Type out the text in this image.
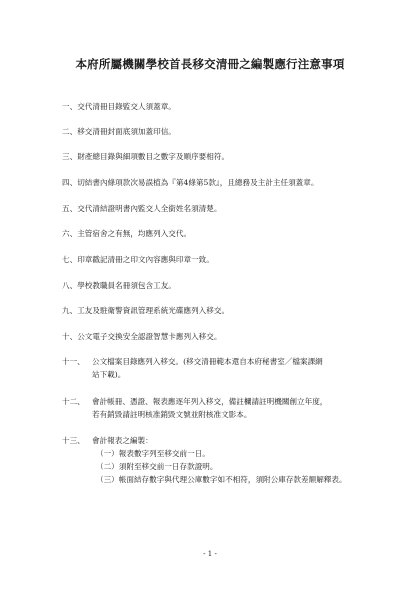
本府所屬機關學校首長移交清冊之編製應行注意事項
一、交代清冊目錄監交人須蓋章。
二、移交清冊封面底須加蓋印信。
三、財產總目錄與細項數目之數字及順序要相符。
四、切結書內條項款次易誤植為『第4條第5款』，且總務及主計主任須蓋章。
五、交代清結證明書內監交人全銜姓名須清楚。
六、主管宿舍之有無，均應列入交代。
七、印章戳記清冊之印文內容應與印章一致。
八、學校教職員名冊須包含工友。
九、工友及駐衛警資訊管理系統光碟應列入移交。
十、公文電子交換安全認證智慧卡應列入移交。
十一、 公文檔案目錄應列入移交。(移交清冊範本還自本府秘書室／檔案課網
站下載)。
十二、 會計帳冊、憑證、報表應逐年列入移交，備註欄請註明機關創立年度，
若有銷毀請註明核准銷毀文號並附核准文影本。
十三、 會計報表之編製：
（一）報表數字列至移交前一日。
（二）須附至移交前一日存款證明。
（三）帳面結存數字與代理公庫數字如不相符，須附公庫存款差額解釋表。
- 1 -
